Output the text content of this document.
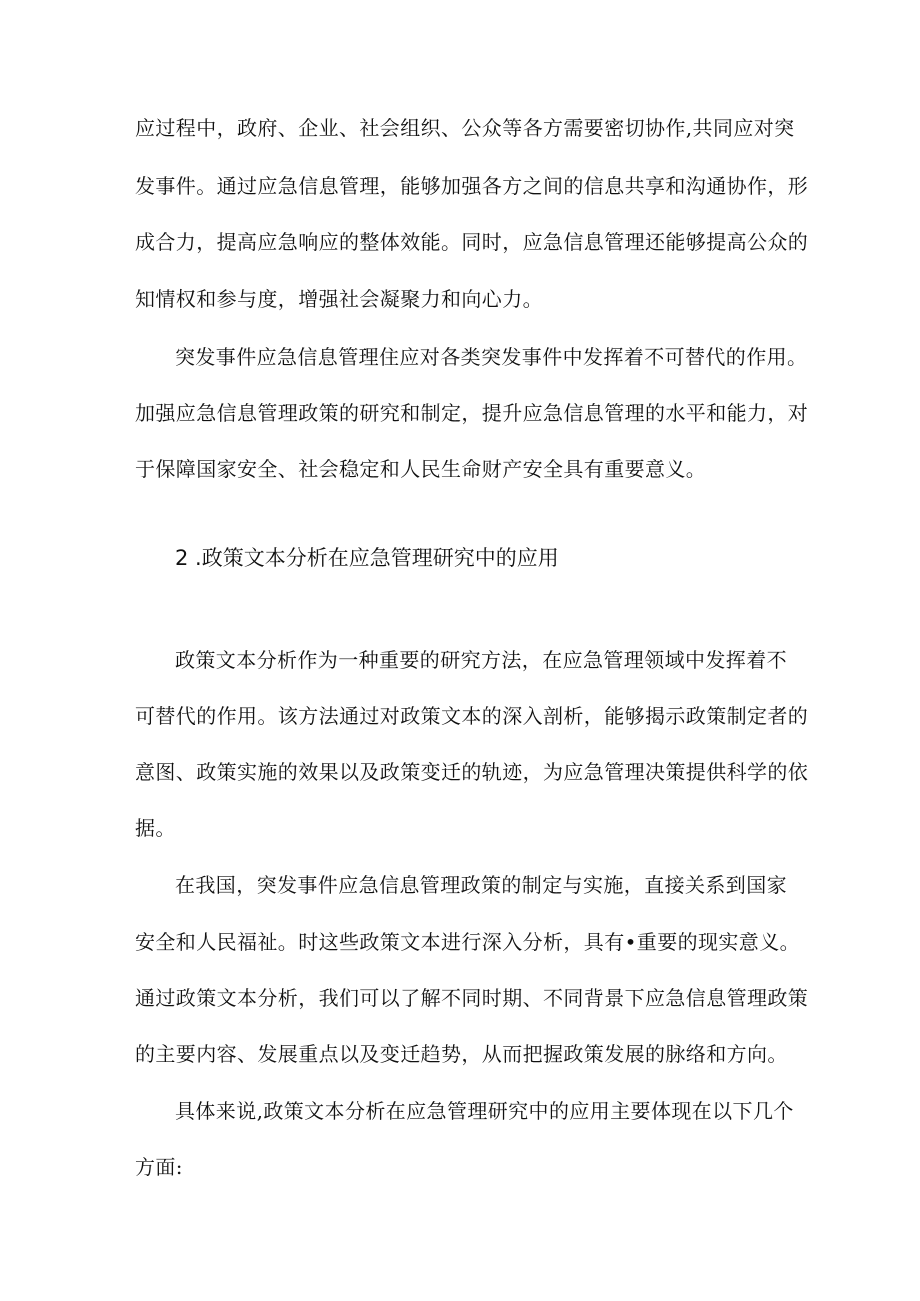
应过程中，政府、企业、社会组织、公众等各方需要密切协作,共同应对突

发事件。通过应急信息管理，能够加强各方之间的信息共享和沟通协作，形

成合力，提高应急响应的整体效能。同时，应急信息管理还能够提高公众的

知情权和参与度，增强社会凝聚力和向心力。

突发事件应急信息管理住应对各类突发事件中发挥着不可替代的作用。

加强应急信息管理政策的研究和制定，提升应急信息管理的水平和能力，对

于保障国家安全、社会稳定和人民生命财产安全具有重要意义。

2 .政策文本分析在应急管理研究中的应用

政策文本分析作为一种重要的研究方法，在应急管理领域中发挥着不

可替代的作用。该方法通过对政策文本的深入剖析，能够揭示政策制定者的

意图、政策实施的效果以及政策变迁的轨迹，为应急管理决策提供科学的依

据。

在我国，突发事件应急信息管理政策的制定与实施，直接关系到国家

安全和人民福祉。时这些政策文本进行深入分析，具有•重要的现实意义。

通过政策文本分析，我们可以了解不同时期、不同背景下应急信息管理政策

的主要内容、发展重点以及变迁趋势，从而把握政策发展的脉络和方向。

具体来说,政策文本分析在应急管理研究中的应用主要体现在以下几个

方面:
